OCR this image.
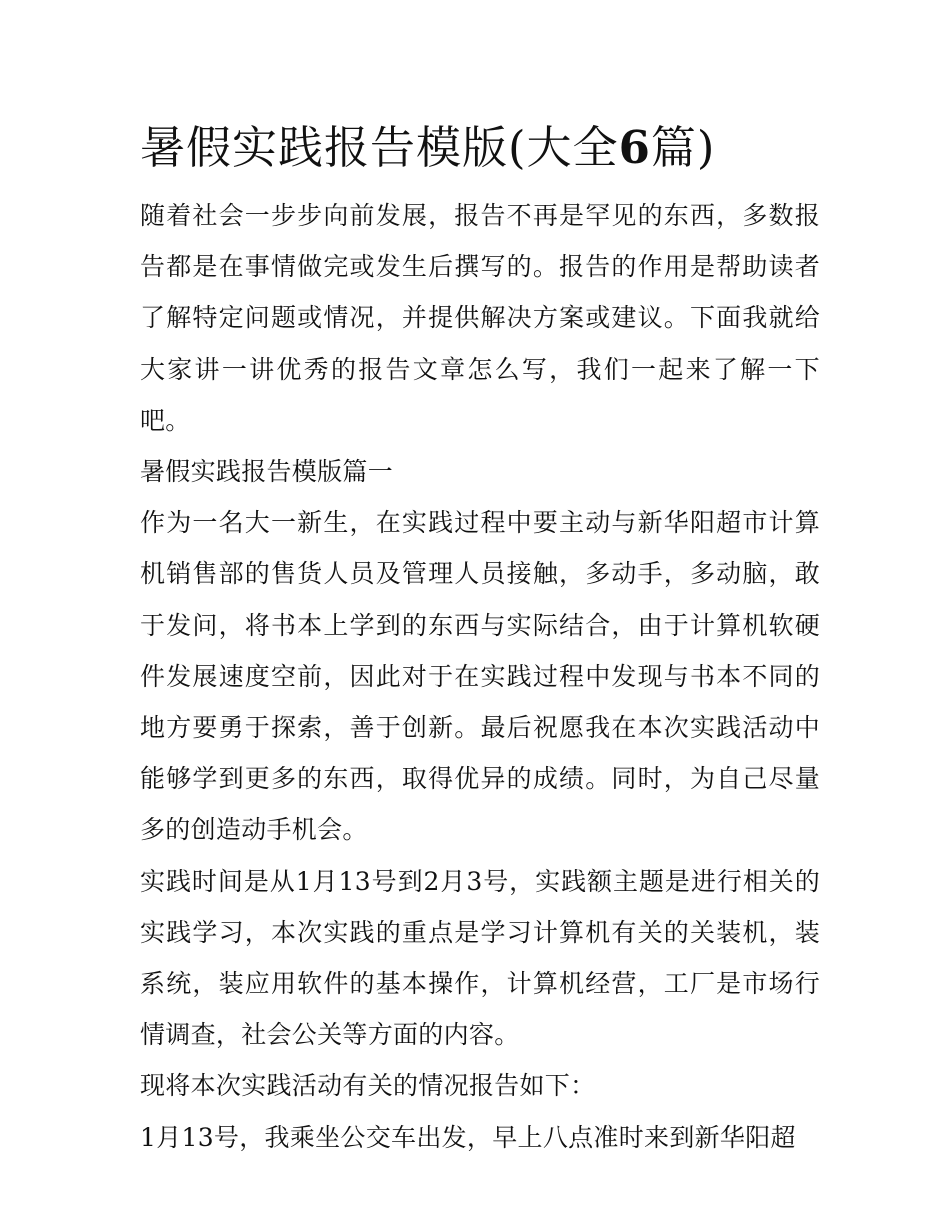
暑假实践报告模版(大全6篇)

随着社会一步步向前发展，报告不再是罕见的东西，多数报告都是在事情做完或发生后撰写的。报告的作用是帮助读者了解特定问题或情况，并提供解决方案或建议。下面我就给大家讲一讲优秀的报告文章怎么写，我们一起来了解一下吧。

暑假实践报告模版篇一

作为一名大一新生，在实践过程中要主动与新华阳超市计算机销售部的售货人员及管理人员接触，多动手，多动脑，敢于发问，将书本上学到的东西与实际结合，由于计算机软硬件发展速度空前，因此对于在实践过程中发现与书本不同的地方要勇于探索，善于创新。最后祝愿我在本次实践活动中能够学到更多的东西，取得优异的成绩。同时，为自己尽量多的创造动手机会。

实践时间是从1月13号到2月3号，实践额主题是进行相关的实践学习，本次实践的重点是学习计算机有关的关装机，装系统，装应用软件的基本操作，计算机经营，工厂是市场行情调查，社会公关等方面的内容。

现将本次实践活动有关的情况报告如下：

1月13号，我乘坐公交车出发，早上八点准时来到新华阳超
